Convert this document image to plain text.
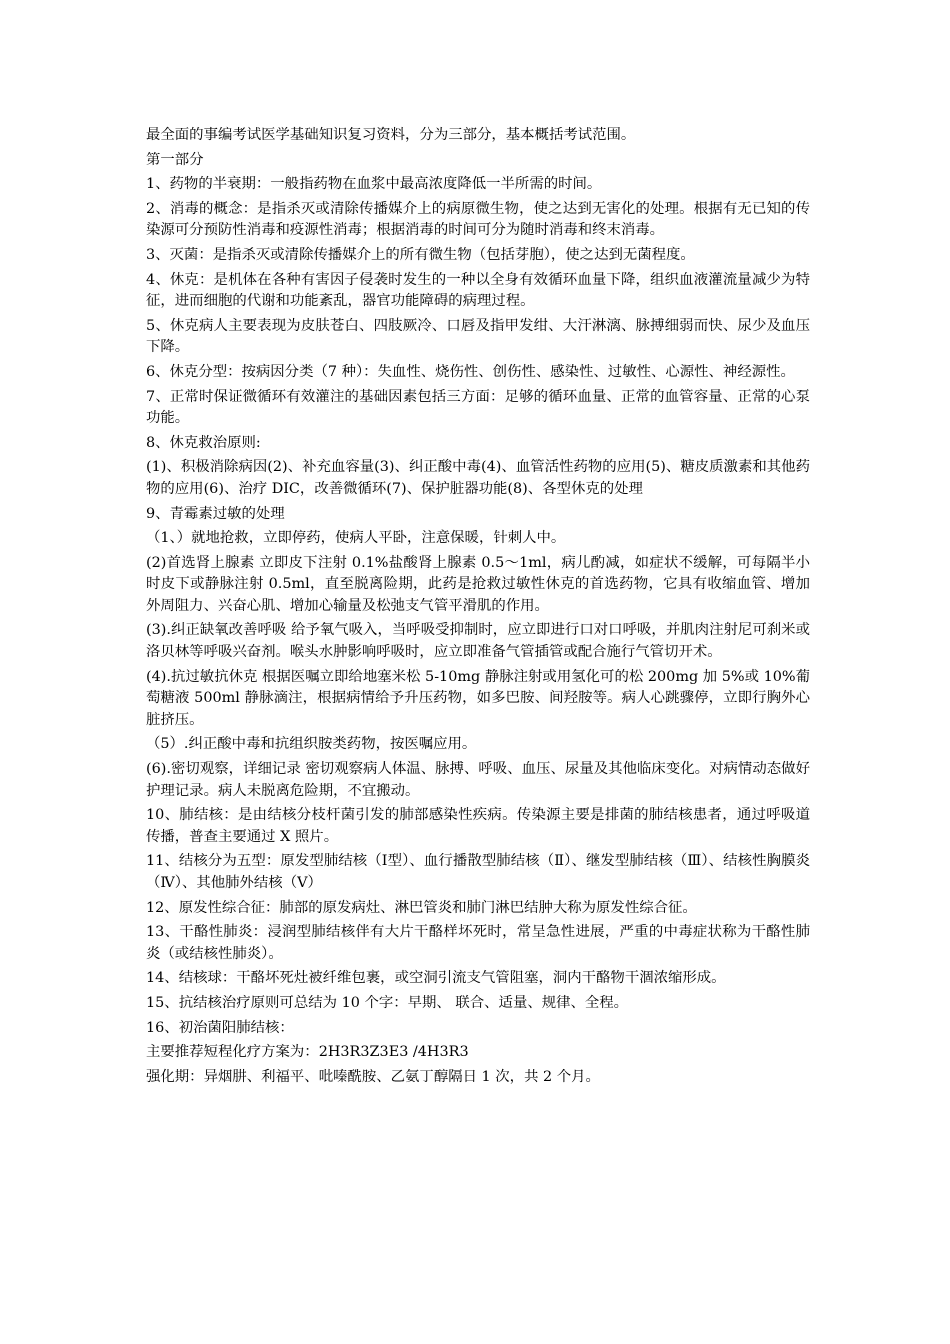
最全面的事编考试医学基础知识复习资料，分为三部分，基本概括考试范围。

第一部分

1、药物的半衰期：一般指药物在血浆中最高浓度降低一半所需的时间。

2、消毒的概念：是指杀灭或清除传播媒介上的病原微生物，使之达到无害化的处理。根据有无已知的传染源可分预防性消毒和疫源性消毒；根据消毒的时间可分为随时消毒和终末消毒。

3、灭菌：是指杀灭或清除传播媒介上的所有微生物（包括芽胞），使之达到无菌程度。

4、休克：是机体在各种有害因子侵袭时发生的一种以全身有效循环血量下降，组织血液灌流量减少为特征，进而细胞的代谢和功能紊乱，器官功能障碍的病理过程。

5、休克病人主要表现为皮肤苍白、四肢厥冷、口唇及指甲发绀、大汗淋漓、脉搏细弱而快、尿少及血压下降。

6、休克分型：按病因分类（7 种）：失血性、烧伤性、创伤性、感染性、过敏性、心源性、神经源性。

7、正常时保证微循环有效灌注的基础因素包括三方面：足够的循环血量、正常的血管容量、正常的心泵功能。

8、休克救治原则:

(1)、积极消除病因(2)、补充血容量(3)、纠正酸中毒(4)、血管活性药物的应用(5)、糖皮质激素和其他药物的应用(6)、治疗 DIC，改善微循环(7)、保护脏器功能(8)、各型休克的处理

9、青霉素过敏的处理

（1、）就地抢救，立即停药，使病人平卧，注意保暖，针刺人中。

(2)首选肾上腺素 立即皮下注射 0.1%盐酸肾上腺素 0.5～1ml，病儿酌减，如症状不缓解，可每隔半小时皮下或静脉注射 0.5ml，直至脱离险期，此药是抢救过敏性休克的首选药物，它具有收缩血管、增加外周阻力、兴奋心肌、增加心输量及松弛支气管平滑肌的作用。

(3).纠正缺氧改善呼吸 给予氧气吸入，当呼吸受抑制时，应立即进行口对口呼吸，并肌肉注射尼可刹米或洛贝林等呼吸兴奋剂。喉头水肿影响呼吸时，应立即准备气管插管或配合施行气管切开术。

(4).抗过敏抗休克 根据医嘱立即给地塞米松 5-10mg 静脉注射或用氢化可的松 200mg 加 5%或 10%葡萄糖液 500ml 静脉滴注，根据病情给予升压药物，如多巴胺、间羟胺等。病人心跳骤停，立即行胸外心脏挤压。

（5）.纠正酸中毒和抗组织胺类药物，按医嘱应用。

(6).密切观察，详细记录 密切观察病人体温、脉搏、呼吸、血压、尿量及其他临床变化。对病情动态做好护理记录。病人未脱离危险期，不宜搬动。

10、肺结核：是由结核分枝杆菌引发的肺部感染性疾病。传染源主要是排菌的肺结核患者，通过呼吸道传播，普查主要通过 X 照片。

11、结核分为五型：原发型肺结核（Ⅰ型）、血行播散型肺结核（Ⅱ）、继发型肺结核（Ⅲ）、结核性胸膜炎（Ⅳ）、其他肺外结核（Ⅴ）

12、原发性综合征：肺部的原发病灶、淋巴管炎和肺门淋巴结肿大称为原发性综合征。

13、干酪性肺炎：浸润型肺结核伴有大片干酪样坏死时，常呈急性进展，严重的中毒症状称为干酪性肺炎（或结核性肺炎）。

14、结核球：干酪坏死灶被纤维包裹，或空洞引流支气管阻塞，洞内干酪物干涸浓缩形成。

15、抗结核治疗原则可总结为 10 个字：早期、 联合、适量、规律、全程。

16、初治菌阳肺结核：

主要推荐短程化疗方案为：2H3R3Z3E3 /4H3R3

强化期：异烟肼、利福平、吡嗪酰胺、乙氨丁醇隔日 1 次，共 2 个月。
